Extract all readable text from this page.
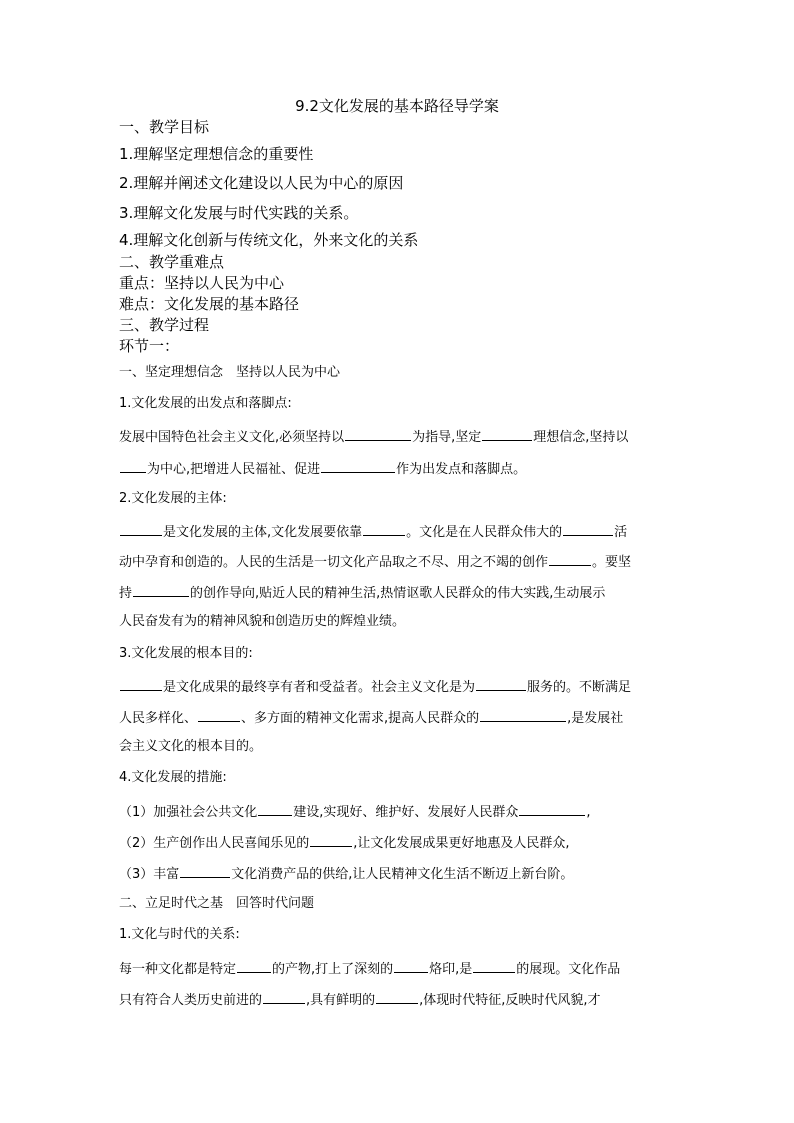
9.2文化发展的基本路径导学案
一、教学目标
1.理解坚定理想信念的重要性
2.理解并阐述文化建设以人民为中心的原因
3.理解文化发展与时代实践的关系。
4.理解文化创新与传统文化，外来文化的关系
二、教学重难点
重点：坚持以人民为中心
难点：文化发展的基本路径
三、教学过程
环节一：
一、坚定理想信念　坚持以人民为中心
1.文化发展的出发点和落脚点:
发展中国特色社会主义文化,必须坚持以	为指导,坚定	理想信念,坚持以
为中心,把增进人民福祉、促进	作为出发点和落脚点。
2.文化发展的主体:
是文化发展的主体,文化发展要依靠	。文化是在人民群众伟大的	活
动中孕育和创造的。人民的生活是一切文化产品取之不尽、用之不竭的创作	。要坚
持	的创作导向,贴近人民的精神生活,热情讴歌人民群众的伟大实践,生动展示
人民奋发有为的精神风貌和创造历史的辉煌业绩。
3.文化发展的根本目的:
是文化成果的最终享有者和受益者。社会主义文化是为	服务的。不断满足
人民多样化、	、多方面的精神文化需求,提高人民群众的	,是发展社
会主义文化的根本目的。
4.文化发展的措施:
（1）加强社会公共文化	建设,实现好、维护好、发展好人民群众	,
（2）生产创作出人民喜闻乐见的	,让文化发展成果更好地惠及人民群众,
（3）丰富	文化消费产品的供给,让人民精神文化生活不断迈上新台阶。
二、立足时代之基　回答时代问题
1.文化与时代的关系:
每一种文化都是特定	的产物,打上了深刻的	烙印,是	的展现。文化作品
只有符合人类历史前进的	,具有鲜明的	,体现时代特征,反映时代风貌,才
